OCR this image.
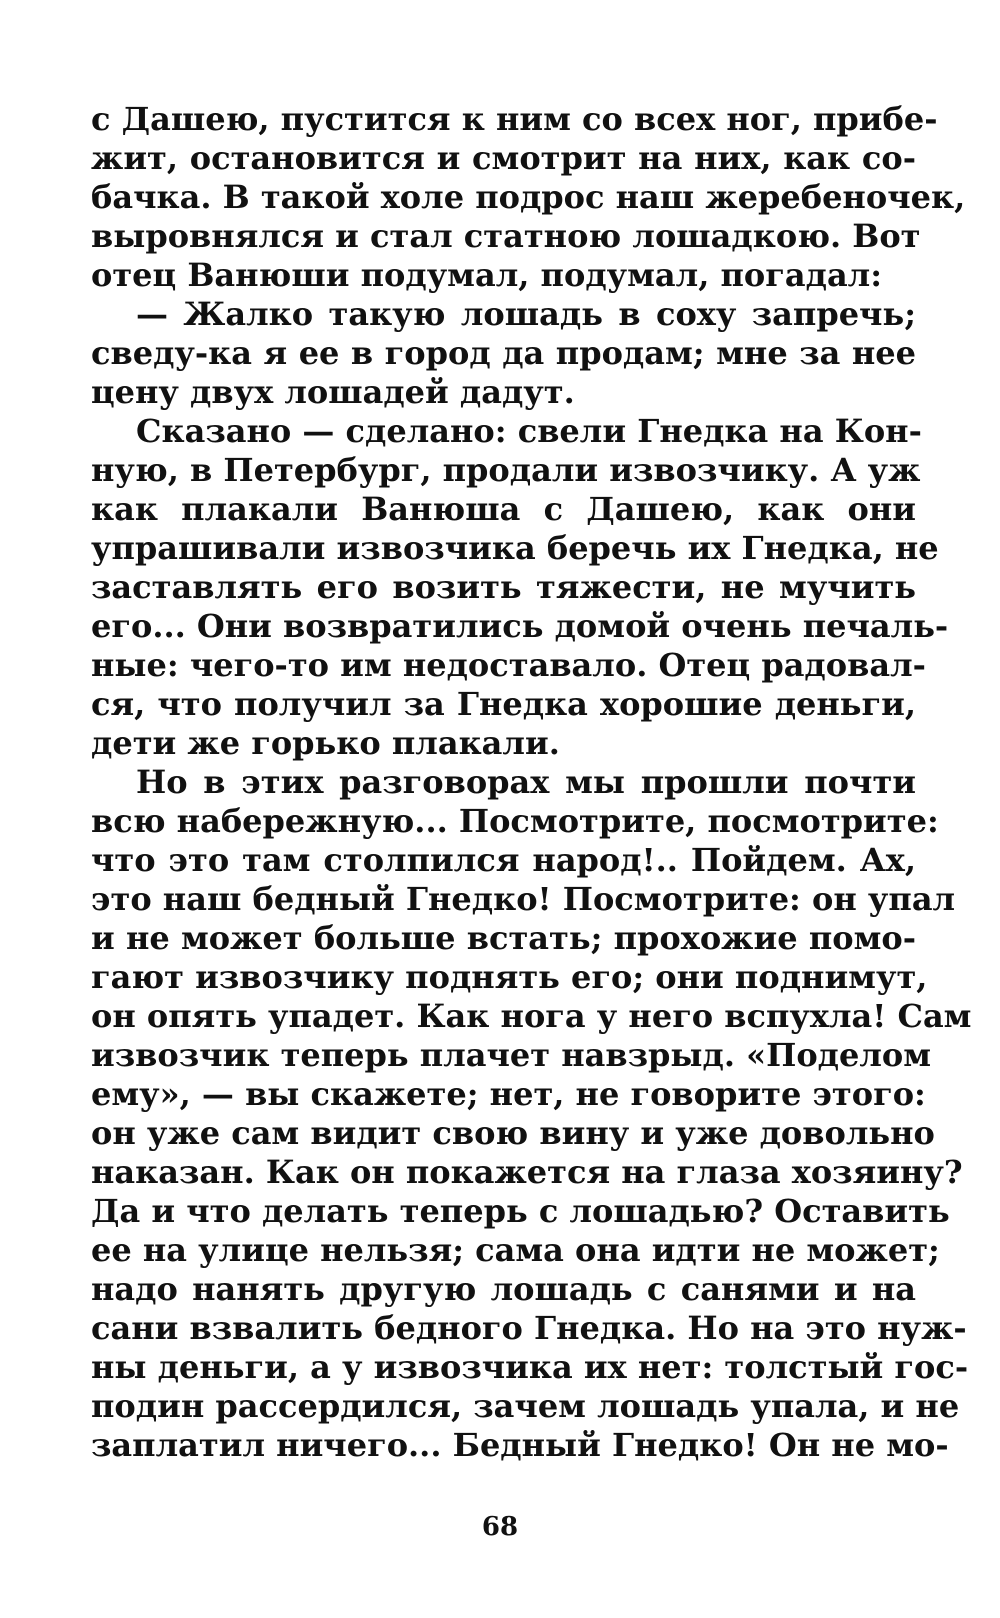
с Дашею, пустится к ним со всех ног, прибе-
жит, остановится и смотрит на них, как со-
бачка. В такой холе подрос наш жеребеночек,
выровнялся и стал статною лошадкою. Вот
отец Ванюши подумал, подумал, погадал:
— Жалко такую лошадь в соху запречь;
сведу-ка я ее в город да продам; мне за нее
цену двух лошадей дадут.
Сказано — сделано: свели Гнедка на Кон-
ную, в Петербург, продали извозчику. А уж
как плакали Ванюша с Дашею, как они
упрашивали извозчика беречь их Гнедка, не
заставлять его возить тяжести, не мучить
его... Они возвратились домой очень печаль-
ные: чего-то им недоставало. Отец радовал-
ся, что получил за Гнедка хорошие деньги,
дети же горько плакали.
Но в этих разговорах мы прошли почти
всю набережную... Посмотрите, посмотрите:
что это там столпился народ!.. Пойдем. Ах,
это наш бедный Гнедко! Посмотрите: он упал
и не может больше встать; прохожие помо-
гают извозчику поднять его; они поднимут,
он опять упадет. Как нога у него вспухла! Сам
извозчик теперь плачет навзрыд. «Поделом
ему», — вы скажете; нет, не говорите этого:
он уже сам видит свою вину и уже довольно
наказан. Как он покажется на глаза хозяину?
Да и что делать теперь с лошадью? Оставить
ее на улице нельзя; сама она идти не может;
надо нанять другую лошадь с санями и на
сани взвалить бедного Гнедка. Но на это нуж-
ны деньги, а у извозчика их нет: толстый гос-
подин рассердился, зачем лошадь упала, и не
заплатил ничего... Бедный Гнедко! Он не мо-
68
